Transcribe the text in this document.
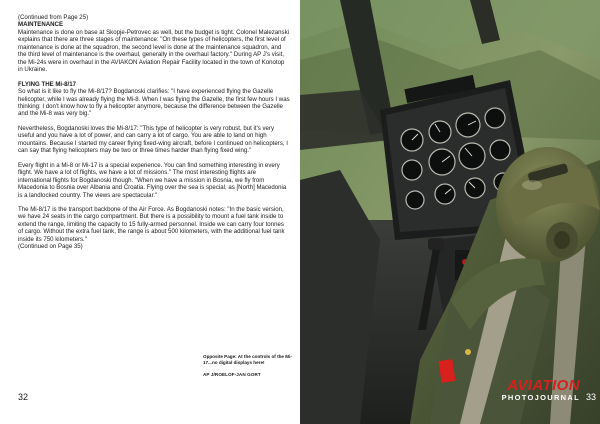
(Continued from Page 25)

MAINTENANCE
Maintenance is done on base at Skopje-Petrovec as well, but the budget is tight. Colonel Malezanski explains that there are three stages of maintenance: "On these types of helicopters, the first level of maintenance is done at the squadron, the second level is done at the maintenance squadron, and the third level of maintenance is the overhaul, generally in the overhaul factory." During AP J's visit, the Mi-24s were in overhaul in the AVIAKON Aviation Repair Facility located in the town of Konotop in Ukraine.

FLYING THE Mi-8/17
So what is it like to fly the Mi-8/17? Bogdanoski clarifies: "I have experienced flying the Gazelle helicopter, while I was already flying the Mi-8. When I was flying the Gazelle, the first few hours I was thinking: I don't know how to fly a helicopter anymore, because the difference between the Gazelle and the Mi-8 was very big."

Nevertheless, Bogdanoski loves the Mi-8/17: "This type of helicopter is very robust, but it's very useful and you have a lot of power, and can carry a lot of cargo. You are able to land on high mountains. Because I started my career flying fixed-wing aircraft, before I continued on helicopters, I can say that flying helicopters may be two or three times harder than flying fixed wing."

Every flight in a Mi-8 or Mi-17 is a special experience. You can find something interesting in every flight. We have a lot of flights, we have a lot of missions." The most interesting flights are international flights for Bogdanoski though. "When we have a mission in Bosnia, we fly from Macedonia to Bosnia over Albania and Croatia. Flying over the sea is special, as [North] Macedonia is a landlocked country. The views are spectacular."

The Mi-8/17 is the transport backbone of the Air Force. As Bogdanoski notes: "In the basic version, we have 24 seats in the cargo compartment. But there is a possibility to mount a fuel tank inside to extend the range, limiting the capacity to 15 fully-armed personnel. Inside we can carry four tonnes of cargo. Without the extra fuel tank, the range is about 500 kilometers, with the additional fuel tank inside its 750 kilometers."

(Continued on Page 35)

Opposite Page: At the controls of the Mi-17...no digital displays here!
AP J/ROELOF-JAN GORT
32
AVIATION
PHOTOJOURNAL 33
